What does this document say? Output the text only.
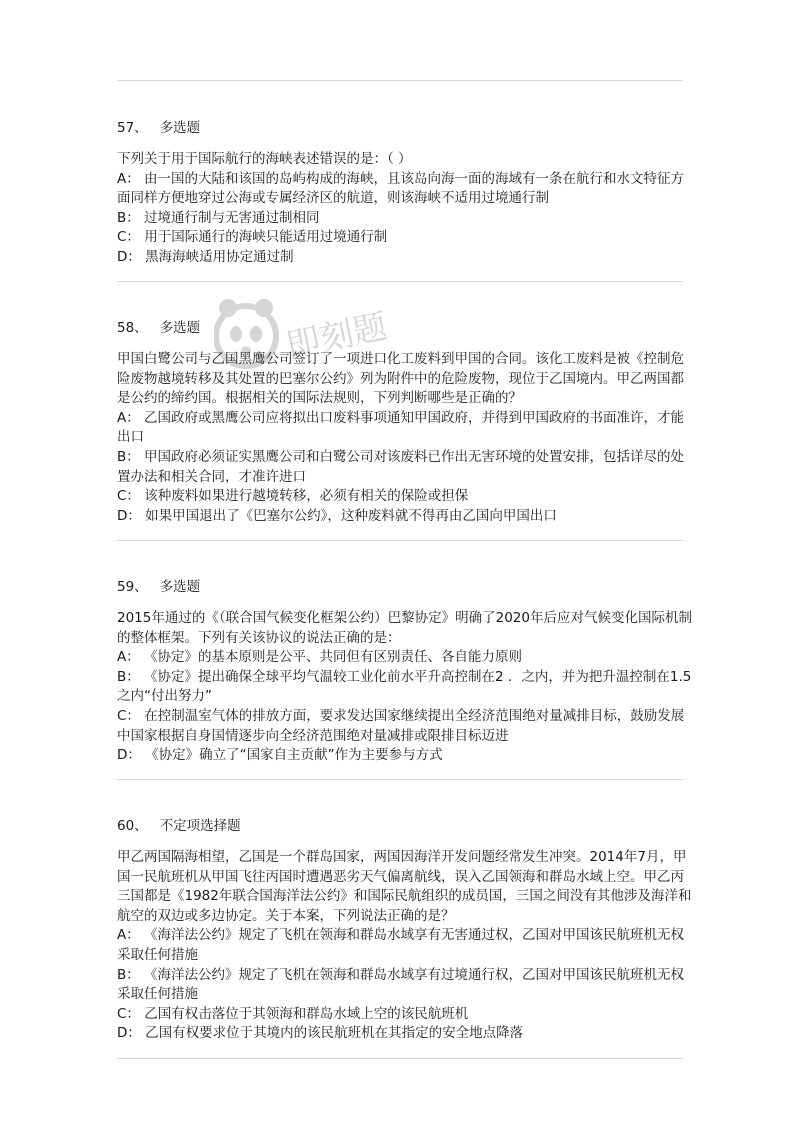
57、 多选题
下列关于用于国际航行的海峡表述错误的是：（ ）

A： 由一国的大陆和该国的岛屿构成的海峡，且该岛向海一面的海域有一条在航行和水文特征方面同样方便地穿过公海或专属经济区的航道，则该海峡不适用过境通行制

B： 过境通行制与无害通过制相同

C： 用于国际通行的海峡只能适用过境通行制

D： 黑海海峡适用协定通过制

58、 多选题
甲国白鹭公司与乙国黑鹰公司签订了一项进口化工废料到甲国的合同。该化工废料是被《控制危险废物越境转移及其处置的巴塞尔公约》列为附件中的危险废物，现位于乙国境内。甲乙两国都是公约的缔约国。根据相关的国际法规则，下列判断哪些是正确的？

A： 乙国政府或黑鹰公司应将拟出口废料事项通知甲国政府，并得到甲国政府的书面准许，才能出口

B： 甲国政府必须证实黑鹰公司和白鹭公司对该废料已作出无害环境的处置安排，包括详尽的处置办法和相关合同，才准许进口

C： 该种废料如果进行越境转移，必须有相关的保险或担保

D： 如果甲国退出了《巴塞尔公约》，这种废料就不得再由乙国向甲国出口

59、 多选题
2015年通过的《（联合国气候变化框架公约）巴黎协定》明确了2020年后应对气候变化国际机制的整体框架。下列有关该协议的说法正确的是：

A： 《协定》的基本原则是公平、共同但有区别责任、各自能力原则

B： 《协定》提出确保全球平均气温较工业化前水平升高控制在2 ．之内，并为把升温控制在1.5 之内“付出努力”

C： 在控制温室气体的排放方面，要求发达国家继续提出全经济范围绝对量减排目标，鼓励发展中国家根据自身国情逐步向全经济范围绝对量减排或限排目标迈进

D： 《协定》确立了“国家自主贡献”作为主要参与方式

60、 不定项选择题
甲乙两国隔海相望，乙国是一个群岛国家，两国因海洋开发问题经常发生冲突。2014年7月，甲国一民航班机从甲国飞往丙国时遭遇恶劣天气偏离航线，误入乙国领海和群岛水域上空。甲乙丙三国都是《1982年联合国海洋法公约》和国际民航组织的成员国，三国之间没有其他涉及海洋和航空的双边或多边协定。关于本案，下列说法正确的是？

A： 《海洋法公约》规定了飞机在领海和群岛水域享有无害通过权，乙国对甲国该民航班机无权采取任何措施

B： 《海洋法公约》规定了飞机在领海和群岛水域享有过境通行权，乙国对甲国该民航班机无权采取任何措施

C： 乙国有权击落位于其领海和群岛水域上空的该民航班机

D： 乙国有权要求位于其境内的该民航班机在其指定的安全地点降落

即刻题
